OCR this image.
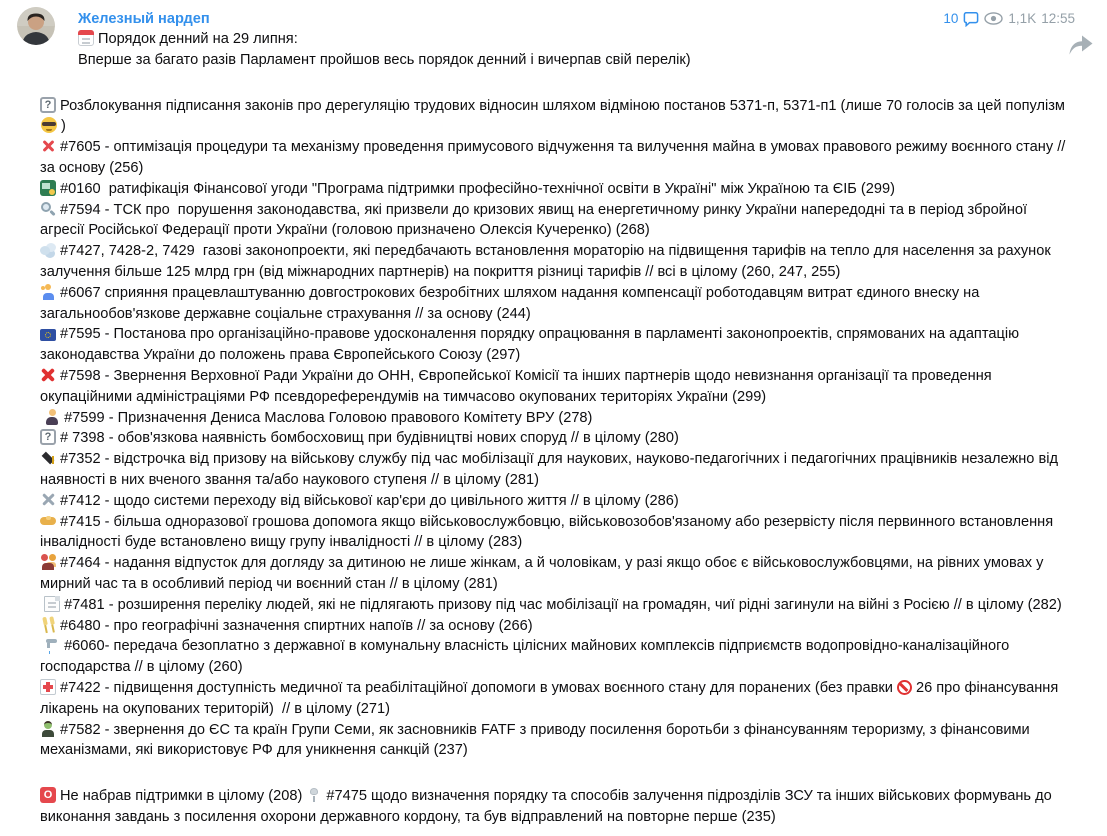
Железный нардеп	10	1,1K 12:55
Порядок денний на 29 липня:
Вперше за багато разів Парламент пройшов весь порядок денний і вичерпав свій перелік)
? Розблокування підписання законів про дерегуляцію трудових відносин шляхом відміною постанов 5371-п, 5371-п1 (лише 70 голосів за цей популізм)
#7605 - оптимізація процедури та механізму проведення примусового відчуження та вилучення майна в умовах правового режиму воєнного стану // за основу (256)
#0160  ратифікація Фінансової угоди "Програма підтримки професійно-технічної освіти в Україні" між Україною та ЄІБ (299)
#7594 - ТСК про  порушення законодавства, які призвели до кризових явищ на енергетичному ринку України напередодні та в період збройної агресії Російської Федерації проти України (головою призначено Олексія Кучеренко) (268)
#7427, 7428-2, 7429  газові законопроекти, які передбачають встановлення мораторію на підвищення тарифів на тепло для населення за рахунок залучення більше 125 млрд грн (від міжнародних партнерів) на покриття різниці тарифів // всі в цілому (260, 247, 255)
#6067 сприяння працевлаштуванню довгострокових безробітних шляхом надання компенсації роботодавцям витрат єдиного внеску на загальнообов'язкове державне соціальне страхування // за основу (244)
#7595 - Постанова про організаційно-правове удосконалення порядку опрацювання в парламенті законопроектів, спрямованих на адаптацію законодавства України до положень права Європейського Союзу (297)
#7598 - Звернення Верховної Ради України до ОНН, Європейської Комісії та інших партнерів щодо невизнання організації та проведення окупаційними адміністраціями РФ псевдореферендумів на тимчасово окупованих територіях України (299)
#7599 - Призначення Дениса Маслова Головою правового Комітету ВРУ (278)
? # 7398 - обов'язкова наявність бомбосховищ при будівництві нових споруд // в цілому (280)
#7352 - відстрочка від призову на військову службу під час мобілізації для наукових, науково-педагогічних і педагогічних працівників незалежно від наявності в них вченого звання та/або наукового ступеня // в цілому (281)
#7412 - щодо системи переходу від військової кар'єри до цивільного життя // в цілому (286)
#7415 - більша одноразової грошова допомога якщо військовослужбовцю, військовозобов'язаному або резервісту після первинного встановлення інвалідності буде встановлено вищу групу інвалідності // в цілому (283)
#7464 - надання відпусток для догляду за дитиною не лише жінкам, а й чоловікам, у разі якщо обоє є військовослужбовцями, на рівних умовах у мирний час та в особливий період чи воєнний стан // в цілому (281)
#7481 - розширення переліку людей, які не підлягають призову під час мобілізації на громадян, чиї рідні загинули на війні з Росією // в цілому (282)
#6480 - про географічні зазначення спиртних напоїв // за основу (266)
#6060- передача безоплатно з державної в комунальну власність цілісних майнових комплексів підприємств водопровідно-каналізаційного господарства // в цілому (260)
#7422 - підвищення доступність медичної та реабілітаційної допомоги в умовах воєнного стану для поранених (без правки 26 про фінансування лікарень на окупованих територій)  // в цілому (271)
#7582 - звернення до ЄС та країн Групи Семи, як засновників FATF з приводу посилення боротьби з фінансуванням тероризму, з фінансовими механізмами, які використовує РФ для уникнення санкцій (237)
O Не набрав підтримки в цілому (208) #7475 щодо визначення порядку та способів залучення підрозділів ЗСУ та інших військових формувань до виконання завдань з посилення охорони державного кордону, та був відправлений на повторне перше (235)
